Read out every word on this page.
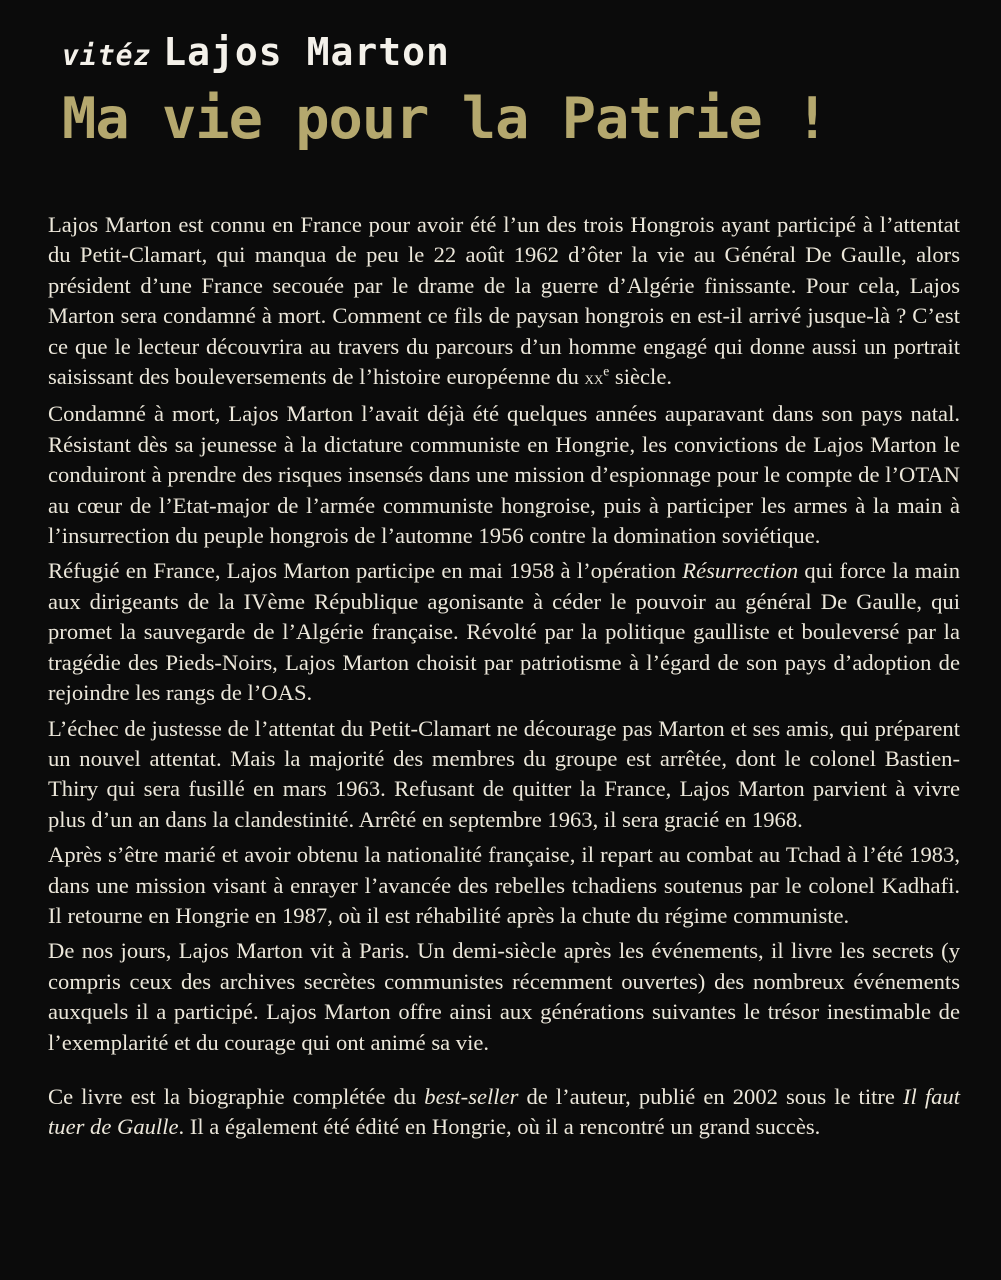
vitéz Lajos Marton
Ma vie pour la Patrie !

Lajos Marton est connu en France pour avoir été l’un des trois Hongrois ayant participé à l’attentat du Petit-Clamart, qui manqua de peu le 22 août 1962 d’ôter la vie au Général De Gaulle, alors président d’une France secouée par le drame de la guerre d’Algérie finissante. Pour cela, Lajos Marton sera condamné à mort. Comment ce fils de paysan hongrois en est-il arrivé jusque-là ? C’est ce que le lecteur découvrira au travers du parcours d’un homme engagé qui donne aussi un portrait saisissant des bouleversements de l’histoire européenne du $xx^e$ siècle.

Condamné à mort, Lajos Marton l’avait déjà été quelques années auparavant dans son pays natal. Résistant dès sa jeunesse à la dictature communiste en Hongrie, les convictions de Lajos Marton le conduiront à prendre des risques insensés dans une mission d’espionnage pour le compte de l’OTAN au cœur de l’Etat-major de l’armée communiste hongroise, puis à participer les armes à la main à l’insurrection du peuple hongrois de l’automne 1956 contre la domination soviétique.

Réfugié en France, Lajos Marton participe en mai 1958 à l’opération Résurrection qui force la main aux dirigeants de la IVème République agonisante à céder le pouvoir au général De Gaulle, qui promet la sauvegarde de l’Algérie française. Révolté par la politique gaulliste et bouleversé par la tragédie des Pieds-Noirs, Lajos Marton choisit par patriotisme à l’égard de son pays d’adoption de rejoindre les rangs de l’OAS.

L’échec de justesse de l’attentat du Petit-Clamart ne décourage pas Marton et ses amis, qui préparent un nouvel attentat. Mais la majorité des membres du groupe est arrêtée, dont le colonel Bastien-Thiry qui sera fusillé en mars 1963. Refusant de quitter la France, Lajos Marton parvient à vivre plus d’un an dans la clandestinité. Arrêté en septembre 1963, il sera gracié en 1968.

Après s’être marié et avoir obtenu la nationalité française, il repart au combat au Tchad à l’été 1983, dans une mission visant à enrayer l’avancée des rebelles tchadiens soutenus par le colonel Kadhafi. Il retourne en Hongrie en 1987, où il est réhabilité après la chute du régime communiste.

De nos jours, Lajos Marton vit à Paris. Un demi-siècle après les événements, il livre les secrets (y compris ceux des archives secrètes communistes récemment ouvertes) des nombreux événements auxquels il a participé. Lajos Marton offre ainsi aux générations suivantes le trésor inestimable de l’exemplarité et du courage qui ont animé sa vie.

Ce livre est la biographie complétée du best-seller de l’auteur, publié en 2002 sous le titre Il faut tuer de Gaulle. Il a également été édité en Hongrie, où il a rencontré un grand succès.
